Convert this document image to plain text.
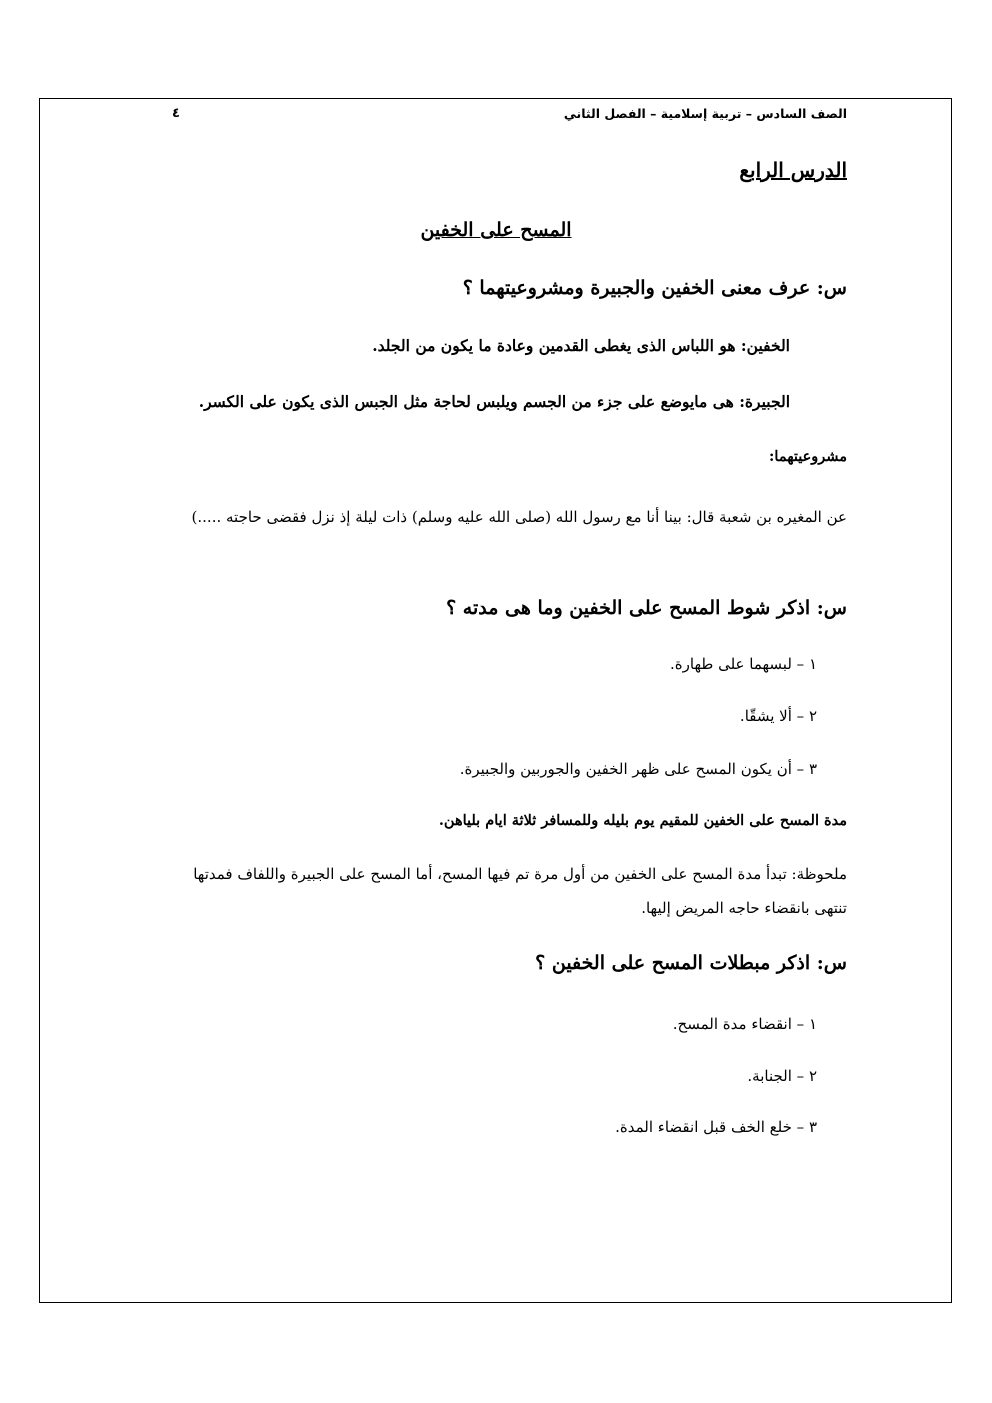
الصف السادس – تربية إسلامية – الفصل الثاني
٤
الدرس الرابع
المسح على الخفين
س: عرف معنى الخفين والجبيرة ومشروعيتهما ؟
الخفين: هو اللباس الذى يغطى القدمين وعادة ما يكون من الجلد.
الجبيرة: هى مايوضع على جزء من الجسم ويلبس لحاجة مثل الجبس الذى يكون على الكسر.
مشروعيتهما:
عن المغيره بن شعبة قال: بينا أنا مع رسول الله (صلى الله عليه وسلم) ذات ليلة إذ نزل فقضى حاجته .....)
س: اذكر شوط المسح على الخفين وما هى مدته ؟
١ – لبسهما على طهارة.
٢ – ألا يشقّا.
٣ – أن يكون المسح على ظهر الخفين والجوربين والجبيرة.
مدة المسح على الخفين للمقيم يوم بليله وللمسافر ثلاثة ايام بلياهن.
ملحوظة: تبدأ مدة المسح على الخفين من أول مرة تم فيها المسح، أما المسح على الجبيرة واللفاف فمدتها تنتهى بانقضاء حاجه المريض إليها.
س: اذكر مبطلات المسح على الخفين ؟
١ – انقضاء مدة المسح.
٢ – الجنابة.
٣ – خلع الخف قبل انقضاء المدة.
